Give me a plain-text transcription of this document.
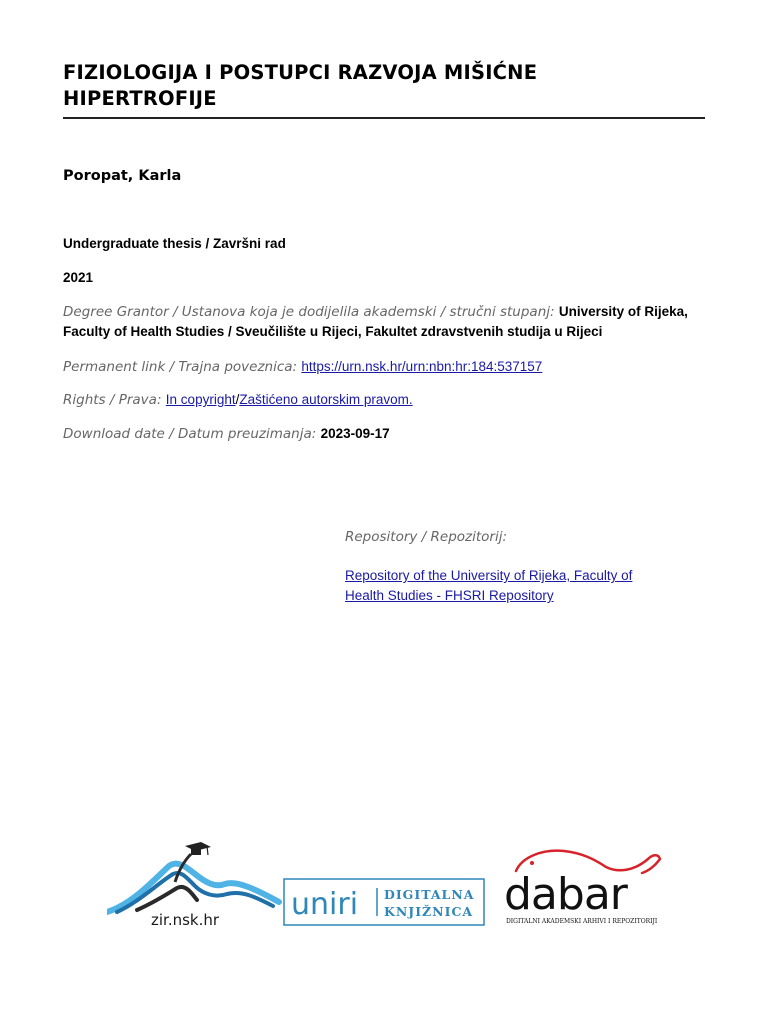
FIZIOLOGIJA I POSTUPCI RAZVOJA MIŠIĆNE HIPERTROFIJE
Poropat, Karla
Undergraduate thesis / Završni rad
2021
Degree Grantor / Ustanova koja je dodijelila akademski / stručni stupanj: University of Rijeka, Faculty of Health Studies / Sveučilište u Rijeci, Fakultet zdravstvenih studija u Rijeci
Permanent link / Trajna poveznica: https://urn.nsk.hr/urn:nbn:hr:184:537157
Rights / Prava: In copyright/Zaštićeno autorskim pravom.
Download date / Datum preuzimanja: 2023-09-17
Repository / Repozitorij:
Repository of the University of Rijeka, Faculty of Health Studies - FHSRI Repository
zir.nsk.hr uniri DIGITALNA
KNJIŽNICA dabar
DIGITALNI AKADEMSKI ARHIVI I REPOZITORIJI
